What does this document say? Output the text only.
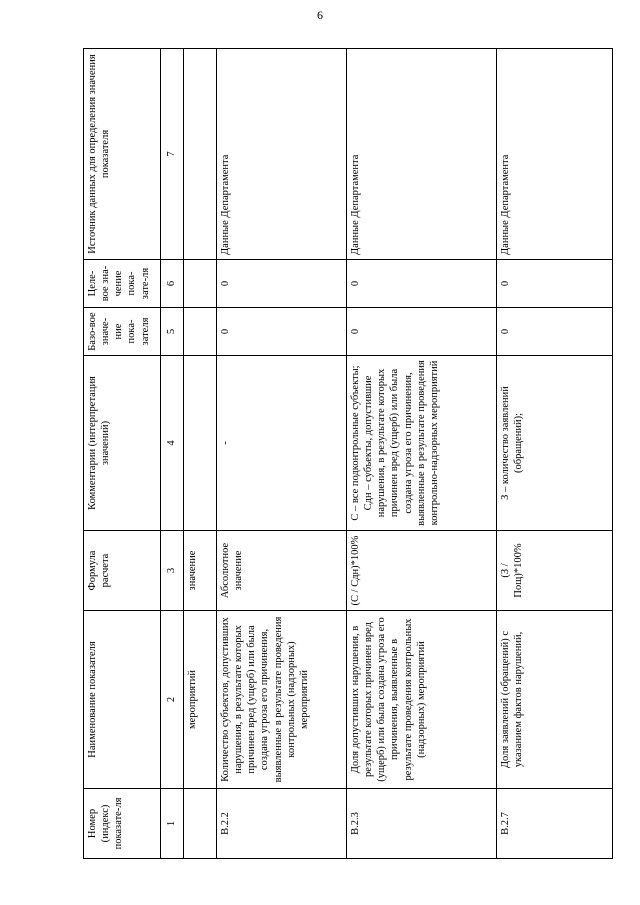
6
Номер (индекс) показате-ля	Наименование показателя	Формула расчета	Комментарии (интерпретация значений)	Базо-вое значе-ние пока-зателя	Целе-вое зна-чение пока-зате-ля	Источник данных для определения значения показателя
1	2	3	4	5	6	7
	мероприятий	значение				
В.2.2	Количество субъектов, допустивших нарушения, в результате которых причинен вред (ущерб) или была создана угроза его причинения, выявленные в результате проведения контрольных (надзорных) мероприятий	Абсолютное значение	-	0	0	Данные Департамента
В.2.3	Доля допустивших нарушения, в результате которых причинен вред (ущерб) или была создана угроза его причинения, выявленные в результате проведения контрольных (надзорных) мероприятий	(С / Сдн)*100%	С – все подконтрольные субъекты; Сдн – субъекты, допустившие нарушения, в результате которых причинен вред (ущерб) или была создана угроза его причинения, выявленные в результате проведения контрольно-надзорных мероприятий	0	0	Данные Департамента
В.2.7	Доля заявлений (обращений) с указанием фактов нарушений,	(З / Пощ)*100%	З – количество заявлений (обращений);	0	0	Данные Департамента
